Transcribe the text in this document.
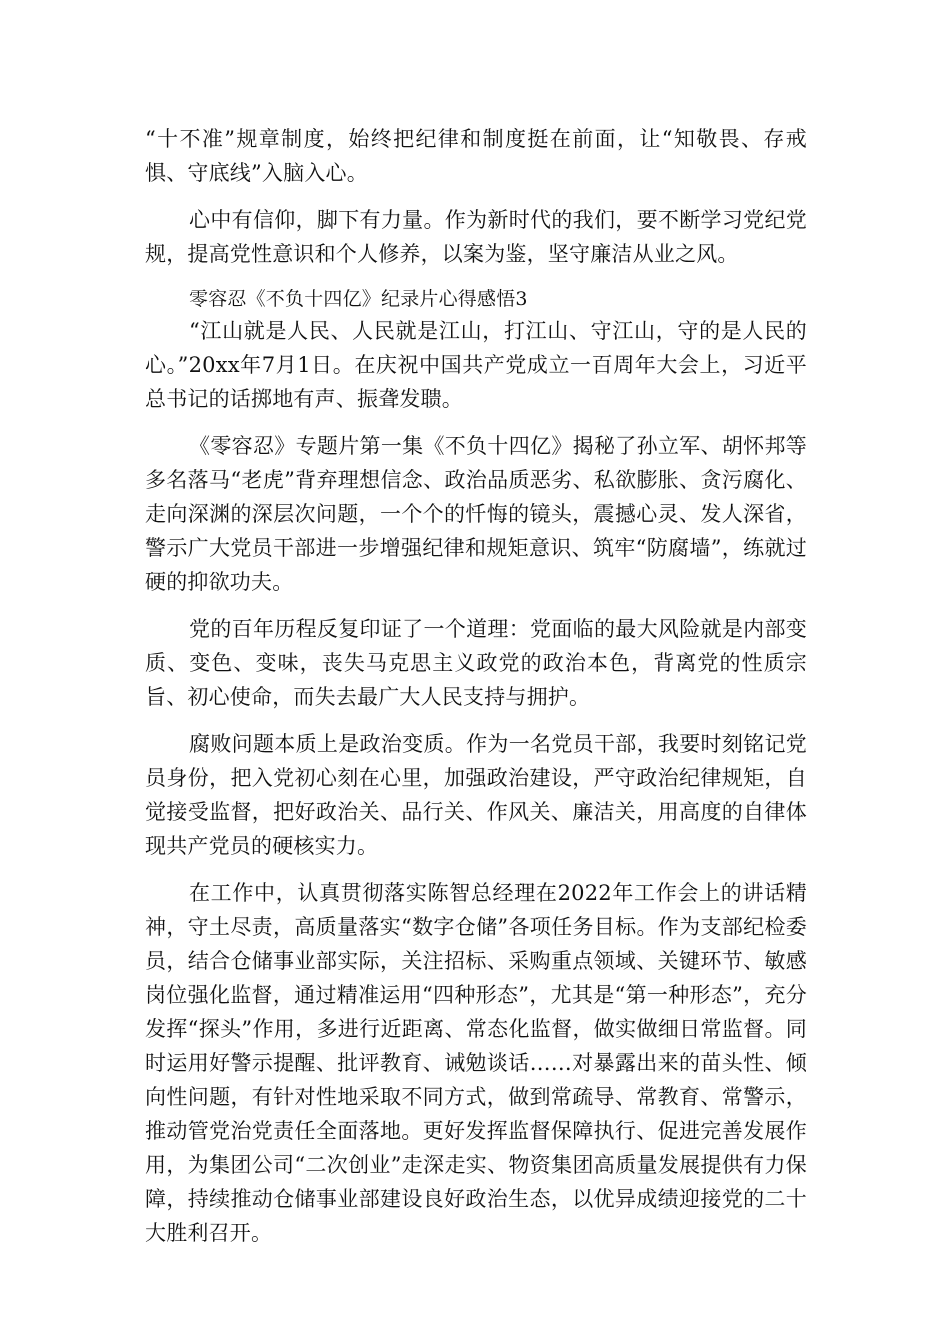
“十不准”规章制度，始终把纪律和制度挺在前面，让“知敬畏、存戒惧、守底线”入脑入心。

心中有信仰，脚下有力量。作为新时代的我们，要不断学习党纪党规，提高党性意识和个人修养，以案为鉴，坚守廉洁从业之风。

零容忍《不负十四亿》纪录片心得感悟3

“江山就是人民、人民就是江山，打江山、守江山，守的是人民的心。”20xx年7月1日。在庆祝中国共产党成立一百周年大会上，习近平总书记的话掷地有声、振聋发聩。

《零容忍》专题片第一集《不负十四亿》揭秘了孙立军、胡怀邦等多名落马“老虎”背弃理想信念、政治品质恶劣、私欲膨胀、贪污腐化、走向深渊的深层次问题，一个个的忏悔的镜头，震撼心灵、发人深省，警示广大党员干部进一步增强纪律和规矩意识、筑牢“防腐墙”，练就过硬的抑欲功夫。

党的百年历程反复印证了一个道理：党面临的最大风险就是内部变质、变色、变味，丧失马克思主义政党的政治本色，背离党的性质宗旨、初心使命，而失去最广大人民支持与拥护。

腐败问题本质上是政治变质。作为一名党员干部，我要时刻铭记党员身份，把入党初心刻在心里，加强政治建设，严守政治纪律规矩，自觉接受监督，把好政治关、品行关、作风关、廉洁关，用高度的自律体现共产党员的硬核实力。

在工作中，认真贯彻落实陈智总经理在2022年工作会上的讲话精神，守土尽责，高质量落实“数字仓储”各项任务目标。作为支部纪检委员，结合仓储事业部实际，关注招标、采购重点领域、关键环节、敏感岗位强化监督，通过精准运用“四种形态”，尤其是“第一种形态”，充分发挥“探头”作用，多进行近距离、常态化监督，做实做细日常监督。同时运用好警示提醒、批评教育、诫勉谈话……对暴露出来的苗头性、倾向性问题，有针对性地采取不同方式，做到常疏导、常教育、常警示，推动管党治党责任全面落地。更好发挥监督保障执行、促进完善发展作用，为集团公司“二次创业”走深走实、物资集团高质量发展提供有力保障，持续推动仓储事业部建设良好政治生态，以优异成绩迎接党的二十大胜利召开。
